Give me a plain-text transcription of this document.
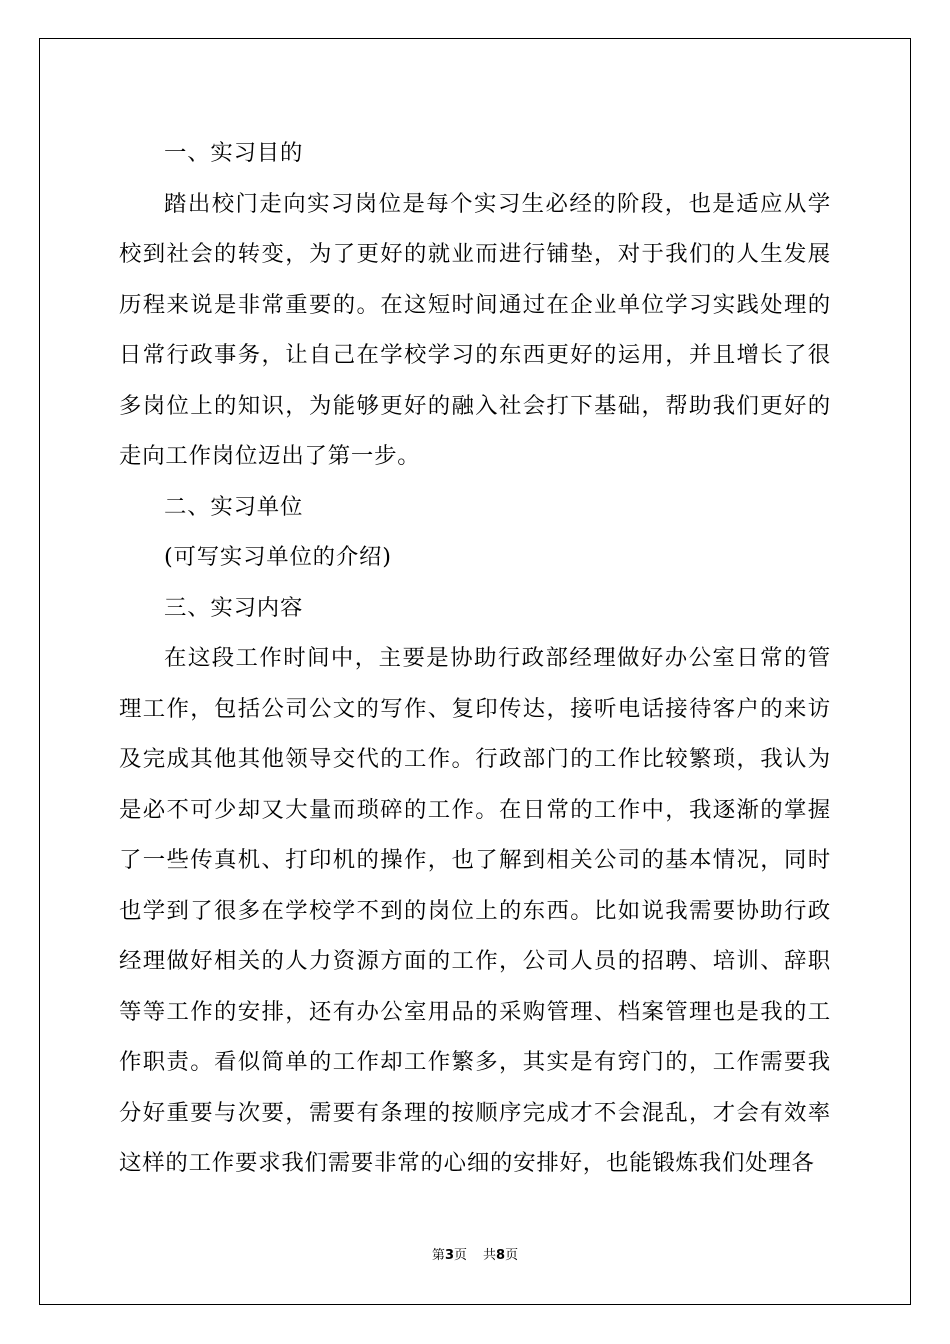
一、实习目的

踏出校门走向实习岗位是每个实习生必经的阶段，也是适应从学校到社会的转变，为了更好的就业而进行铺垫，对于我们的人生发展历程来说是非常重要的。在这短时间通过在企业单位学习实践处理的日常行政事务，让自己在学校学习的东西更好的运用，并且增长了很多岗位上的知识，为能够更好的融入社会打下基础，帮助我们更好的走向工作岗位迈出了第一步。

二、实习单位

(可写实习单位的介绍)

三、实习内容

在这段工作时间中，主要是协助行政部经理做好办公室日常的管理工作，包括公司公文的写作、复印传达，接听电话接待客户的来访及完成其他其他领导交代的工作。行政部门的工作比较繁琐，我认为是必不可少却又大量而琐碎的工作。在日常的工作中，我逐渐的掌握了一些传真机、打印机的操作，也了解到相关公司的基本情况，同时也学到了很多在学校学不到的岗位上的东西。比如说我需要协助行政经理做好相关的人力资源方面的工作，公司人员的招聘、培训、辞职等等工作的安排，还有办公室用品的采购管理、档案管理也是我的工作职责。看似简单的工作却工作繁多，其实是有窍门的，工作需要我分好重要与次要，需要有条理的按顺序完成才不会混乱，才会有效率这样的工作要求我们需要非常的心细的安排好，也能锻炼我们处理各

第3页 共8页
